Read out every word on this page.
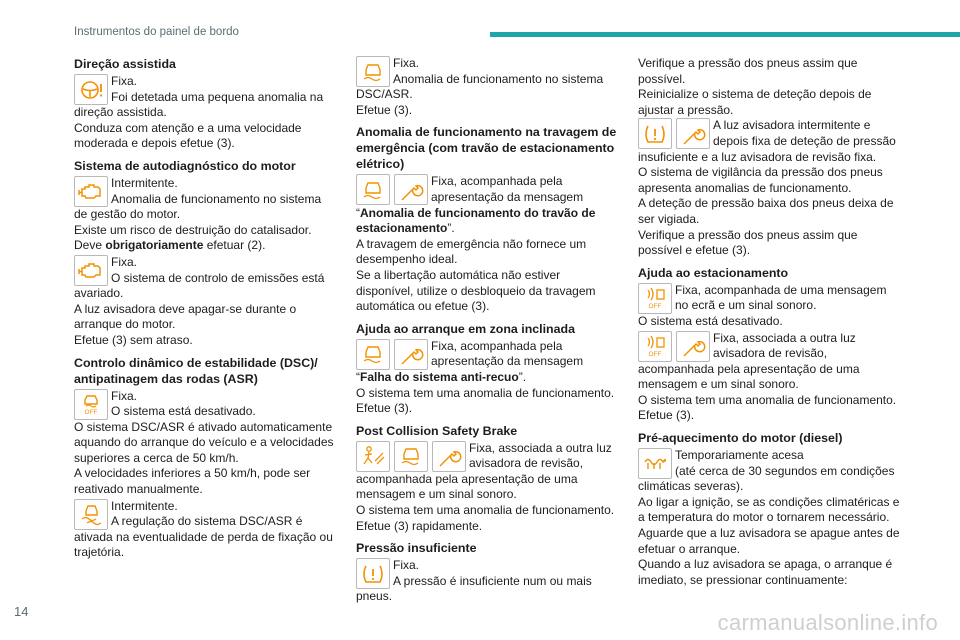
Instrumentos do painel de bordo
Direção assistida

Fixa.

Foi detetada uma pequena anomalia na direção assistida.

Conduza com atenção e a uma velocidade moderada e depois efetue (3).

Sistema de autodiagnóstico do motor

Intermitente.

Anomalia de funcionamento no sistema de gestão do motor.

Existe um risco de destruição do catalisador.

Deve obrigatoriamente efetuar (2).

Fixa.

O sistema de controlo de emissões está avariado.

A luz avisadora deve apagar-se durante o arranque do motor.

Efetue (3) sem atraso.

Controlo dinâmico de estabilidade (DSC)/ antipatinagem das rodas (ASR)
OFF

Fixa.

O sistema está desativado.

O sistema DSC/ASR é ativado automaticamente aquando do arranque do veículo e a velocidades superiores a cerca de 50 km/h.

A velocidades inferiores a 50 km/h, pode ser reativado manualmente.

Intermitente.

A regulação do sistema DSC/ASR é ativada na eventualidade de perda de fixação ou trajetória.

Fixa.

Anomalia de funcionamento no sistema DSC/ASR.

Efetue (3).

Anomalia de funcionamento na travagem de emergência (com travão de estacionamento elétrico)

Fixa, acompanhada pela apresentação da mensagem

“Anomalia de funcionamento do travão de estacionamento”.

A travagem de emergência não fornece um desempenho ideal.

Se a libertação automática não estiver disponível, utilize o desbloqueio da travagem automática ou efetue (3).

Ajuda ao arranque em zona inclinada

Fixa, acompanhada pela apresentação da mensagem “Falha do sistema anti-recuo”.

O sistema tem uma anomalia de funcionamento.

Efetue (3).

Post Collision Safety Brake

Fixa, associada a outra luz avisadora de revisão, acompanhada pela apresentação de uma mensagem e um sinal sonoro.

O sistema tem uma anomalia de funcionamento.

Efetue (3) rapidamente.

Pressão insuficiente

Fixa.

A pressão é insuficiente num ou mais pneus.

Verifique a pressão dos pneus assim que possível.

Reinicialize o sistema de deteção depois de ajustar a pressão.

A luz avisadora intermitente e depois fixa de deteção de pressão insuficiente e a luz avisadora de revisão fixa.

O sistema de vigilância da pressão dos pneus apresenta anomalias de funcionamento.

A deteção de pressão baixa dos pneus deixa de ser vigiada.

Verifique a pressão dos pneus assim que possível e efetue (3).

Ajuda ao estacionamento
OFF

Fixa, acompanhada de uma mensagem no ecrã e um sinal sonoro.

O sistema está desativado.

OFF

Fixa, associada a outra luz avisadora de revisão, acompanhada pela apresentação de uma mensagem e um sinal sonoro.

O sistema tem uma anomalia de funcionamento.

Efetue (3).

Pré-aquecimento do motor (diesel)

Temporariamente acesa

(até cerca de 30 segundos em condições climáticas severas).

Ao ligar a ignição, se as condições climatéricas e a temperatura do motor o tornarem necessário.

Aguarde que a luz avisadora se apague antes de efetuar o arranque.

Quando a luz avisadora se apaga, o arranque é imediato, se pressionar continuamente:

14	carmanualsonline.info
